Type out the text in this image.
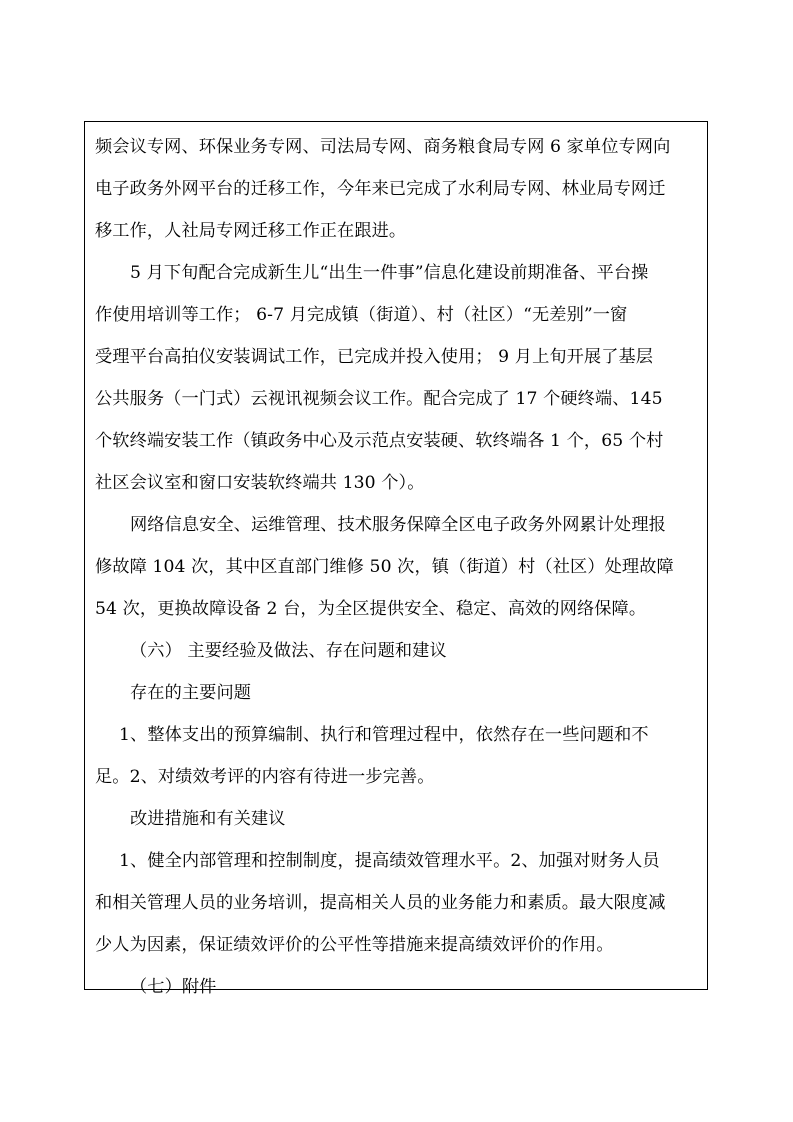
频会议专网、环保业务专网、司法局专网、商务粮食局专网 6 家单位专网向
电子政务外网平台的迁移工作，今年来已完成了水利局专网、林业局专网迁
移工作，人社局专网迁移工作正在跟进。
5 月下旬配合完成新生儿“出生一件事”信息化建设前期准备、平台操
作使用培训等工作； 6-7 月完成镇（街道）、村（社区）“无差别”一窗
受理平台高拍仪安装调试工作，已完成并投入使用； 9 月上旬开展了基层
公共服务（一门式）云视讯视频会议工作。配合完成了 17 个硬终端、145
个软终端安装工作（镇政务中心及示范点安装硬、软终端各 1 个，65 个村
社区会议室和窗口安装软终端共 130 个）。
网络信息安全、运维管理、技术服务保障全区电子政务外网累计处理报
修故障 104 次，其中区直部门维修 50 次，镇（街道）村（社区）处理故障
54 次，更换故障设备 2 台，为全区提供安全、稳定、高效的网络保障。
（六） 主要经验及做法、存在问题和建议
存在的主要问题
1、整体支出的预算编制、执行和管理过程中，依然存在一些问题和不
足。2、对绩效考评的内容有待进一步完善。
改进措施和有关建议
1、健全内部管理和控制制度，提高绩效管理水平。2、加强对财务人员
和相关管理人员的业务培训，提高相关人员的业务能力和素质。最大限度减
少人为因素，保证绩效评价的公平性等措施来提高绩效评价的作用。
（七）附件
